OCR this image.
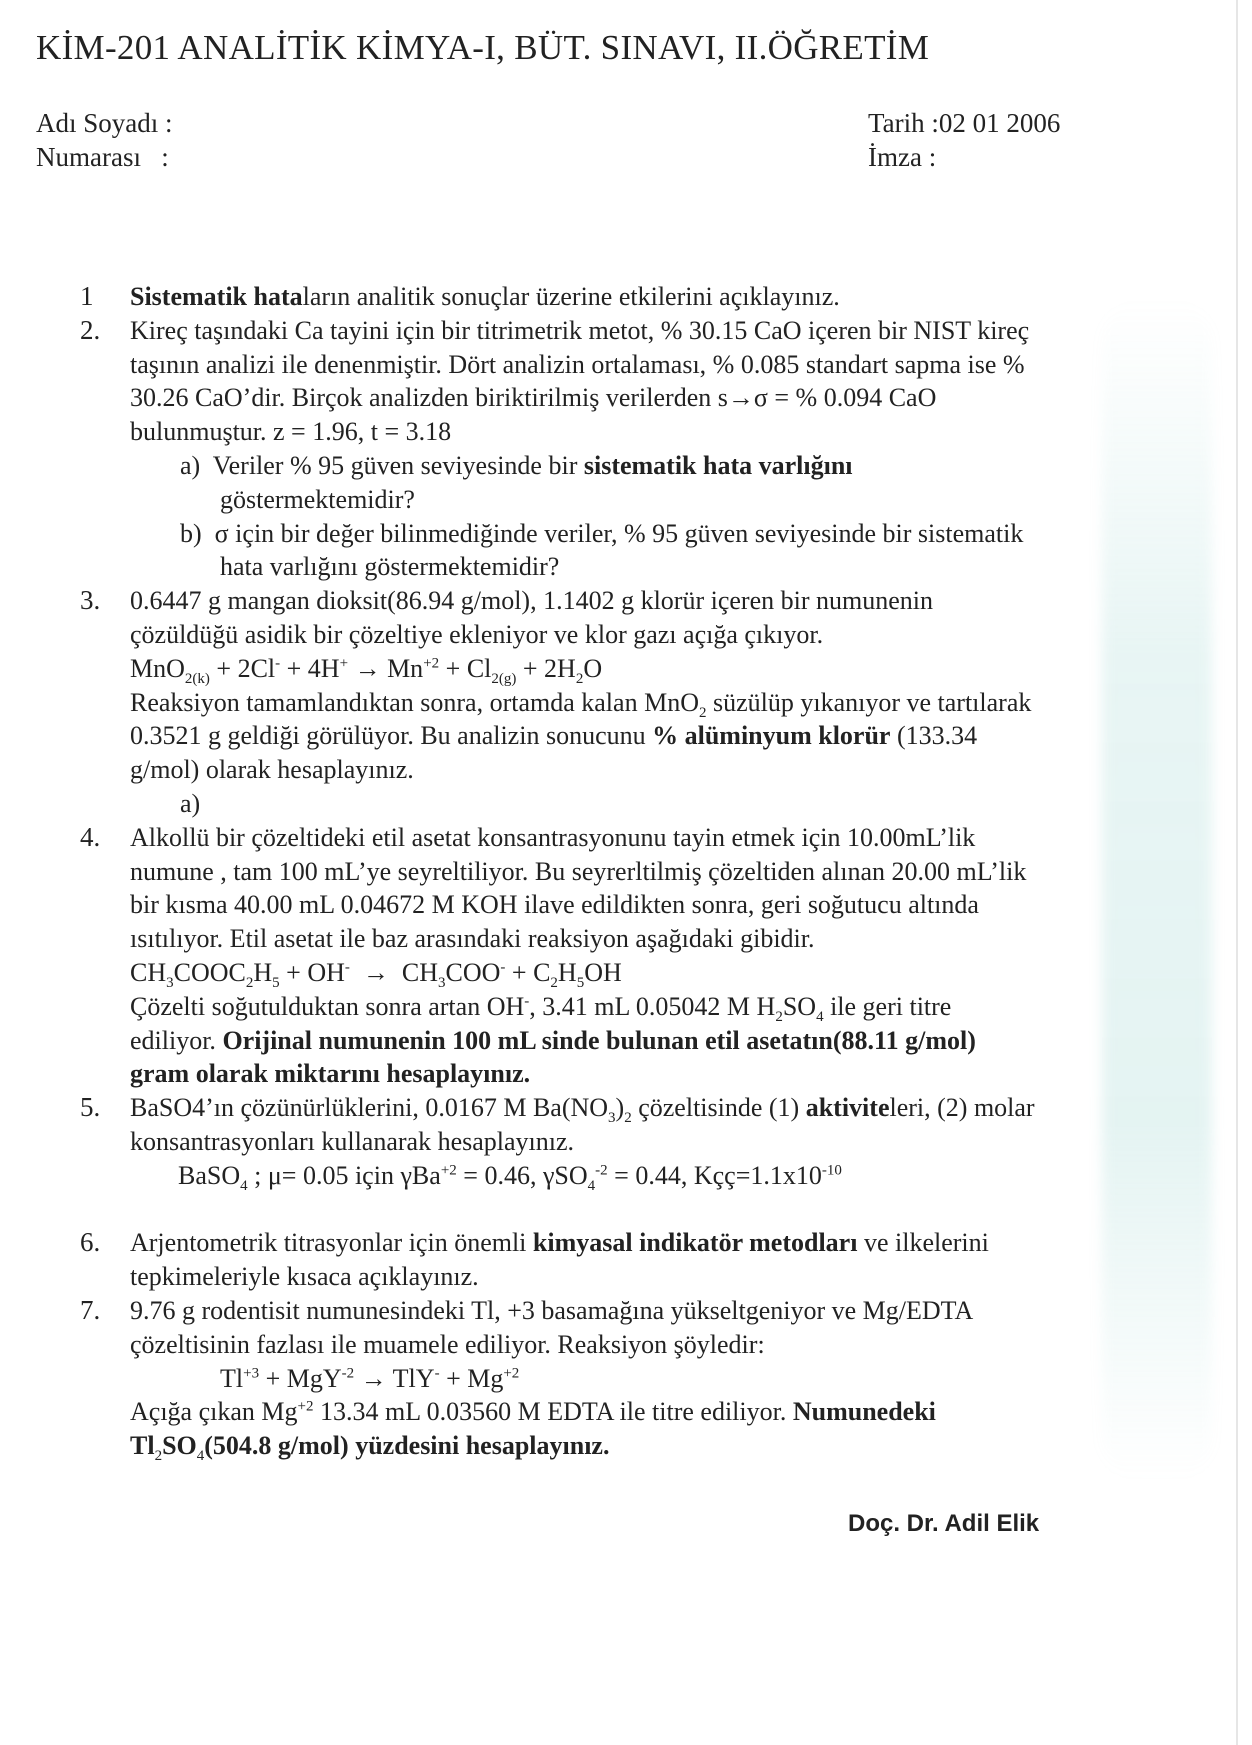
KİM-201 ANALİTİK KİMYA-I, BÜT. SINAVI, II.ÖĞRETİM
Adı Soyadı :
Numarası   :
Tarih :02 01 2006
İmza :
1 Sistematik hataların analitik sonuçlar üzerine etkilerini açıklayınız.
2. Kireç taşındaki Ca tayini için bir titrimetrik metot, % 30.15 CaO içeren bir NIST kireç
taşının analizi ile denenmiştir. Dört analizin ortalaması, % 0.085 standart sapma ise %
30.26 CaO’dir. Birçok analizden biriktirilmiş verilerden s→σ = % 0.094 CaO
bulunmuştur. z = 1.96, t = 3.18
a)  Veriler % 95 güven seviyesinde bir sistematik hata varlığını
göstermektemidir?
b)  σ için bir değer bilinmediğinde veriler, % 95 güven seviyesinde bir sistematik
hata varlığını göstermektemidir?
3. 0.6447 g mangan dioksit(86.94 g/mol), 1.1402 g klorür içeren bir numunenin
çözüldüğü asidik bir çözeltiye ekleniyor ve klor gazı açığa çıkıyor.
$MnO_{2(k)} + 2Cl^- + 4H^+ \to Mn^{+2} + Cl_{2(g)} + 2H_2O$
Reaksiyon tamamlandıktan sonra, ortamda kalan MnO$_2$ süzülüp yıkanıyor ve tartılarak
0.3521 g geldiği görülüyor. Bu analizin sonucunu % alüminyum klorür (133.34
g/mol) olarak hesaplayınız.
a)
4. Alkollü bir çözeltideki etil asetat konsantrasyonunu tayin etmek için 10.00mL’lik
numune , tam 100 mL’ye seyreltiliyor. Bu seyrerltilmiş çözeltiden alınan 20.00 mL’lik
bir kısma 40.00 mL 0.04672 M KOH ilave edildikten sonra, geri soğutucu altında
ısıtılıyor. Etil asetat ile baz arasındaki reaksiyon aşağıdaki gibidir.
$CH_3COOC_2H_5 + OH^- \to CH_3COO^- + C_2H_5OH$
Çözelti soğutulduktan sonra artan OH-, 3.41 mL 0.05042 M $H_2SO_4$ ile geri titre
ediliyor. Orijinal numunenin 100 mL sinde bulunan etil asetatın(88.11 g/mol)
gram olarak miktarını hesaplayınız.
5. BaSO4’ın çözünürlüklerini, 0.0167 M $Ba(NO_3)_2$ çözeltisinde (1) aktiviteleri, (2) molar
konsantrasyonları kullanarak hesaplayınız.
BaSO$_4$ ; μ= 0.05 için γBa$^{+2}$ = 0.46, γSO$_4^{-2}$ = 0.44, $Kçç=1.1x10^{-10}$
6. Arjentometrik titrasyonlar için önemli kimyasal indikatör metodları ve ilkelerini
tepkimeleriyle kısaca açıklayınız.
7. 9.76 g rodentisit numunesindeki Tl, +3 basamağına yükseltgeniyor ve Mg/EDTA
çözeltisinin fazlası ile muamele ediliyor. Reaksiyon şöyledir:
$Tl^{+3} + MgY^{-2} \to TlY^- + Mg^{+2}$
Açığa çıkan $Mg^{+2}$ 13.34 mL 0.03560 M EDTA ile titre ediliyor. Numunedeki
$Tl_2SO_4(504.8$ g/mol) yüzdesini hesaplayınız.
Doç. Dr. Adil Elik
